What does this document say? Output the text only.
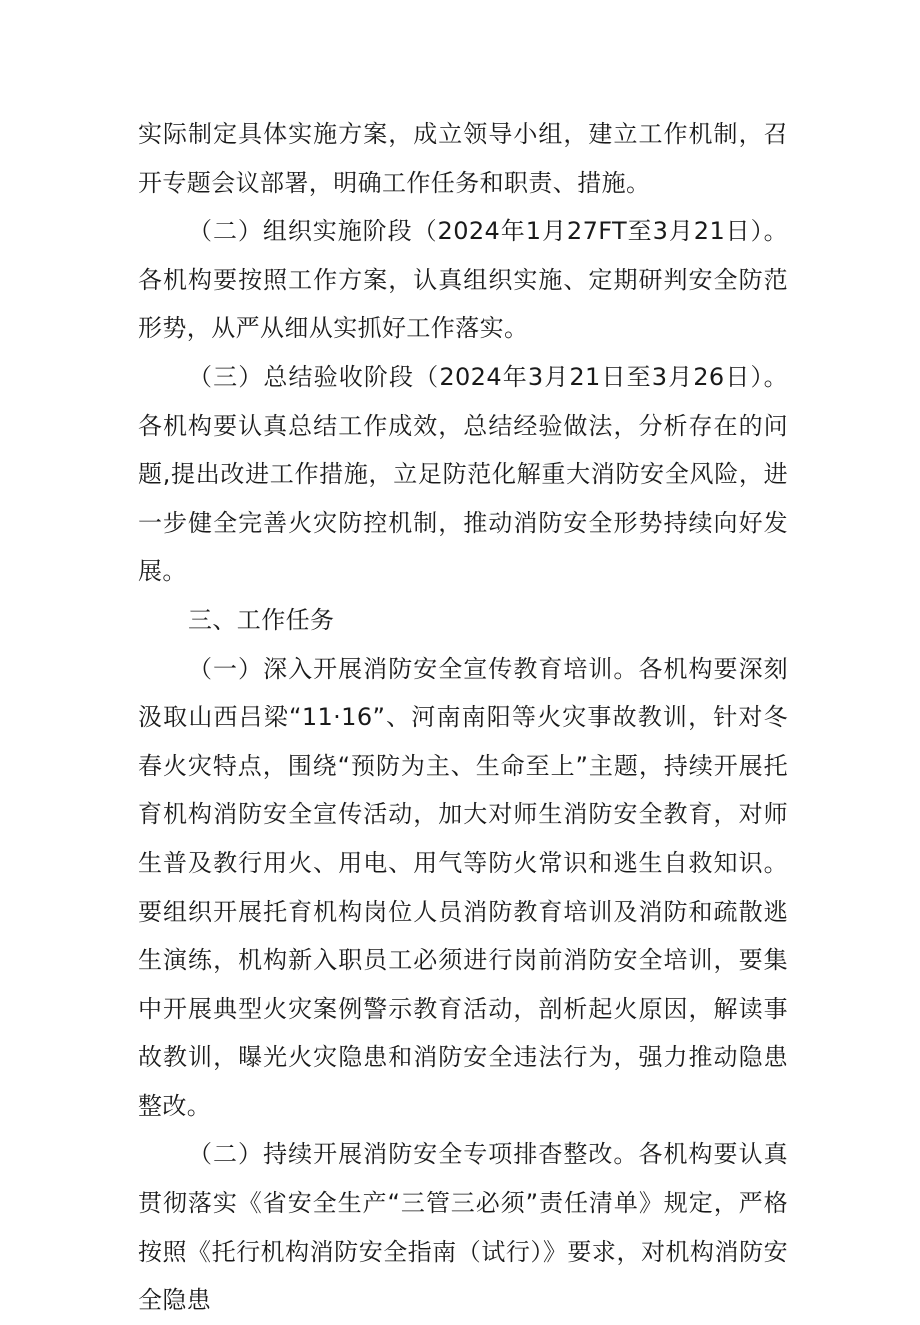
实际制定具体实施方案，成立领导小组，建立工作机制，召开专题会议部署，明确工作任务和职责、措施。

（二）组织实施阶段（2024年1月27FT至3月21日）。各机构要按照工作方案，认真组织实施、定期研判安全防范形势，从严从细从实抓好工作落实。

（三）总结验收阶段（2024年3月21日至3月26日）。各机构要认真总结工作成效，总结经验做法，分析存在的问题,提出改进工作措施，立足防范化解重大消防安全风险，进一步健全完善火灾防控机制，推动消防安全形势持续向好发展。

三、工作任务

（一）深入开展消防安全宣传教育培训。各机构要深刻汲取山西吕梁“11·16”、河南南阳等火灾事故教训，针对冬春火灾特点，围绕“预防为主、生命至上”主题，持续开展托育机构消防安全宣传活动，加大对师生消防安全教育，对师生普及教行用火、用电、用气等防火常识和逃生自救知识。要组织开展托育机构岗位人员消防教育培训及消防和疏散逃生演练，机构新入职员工必须进行岗前消防安全培训，要集中开展典型火灾案例警示教育活动，剖析起火原因，解读事故教训，曝光火灾隐患和消防安全违法行为，强力推动隐患整改。

（二）持续开展消防安全专项排杳整改。各机构要认真贯彻落实《省安全生产“三管三必须”责任清单》规定，严格按照《托行机构消防安全指南（试行）》要求，对机构消防安全隐患
